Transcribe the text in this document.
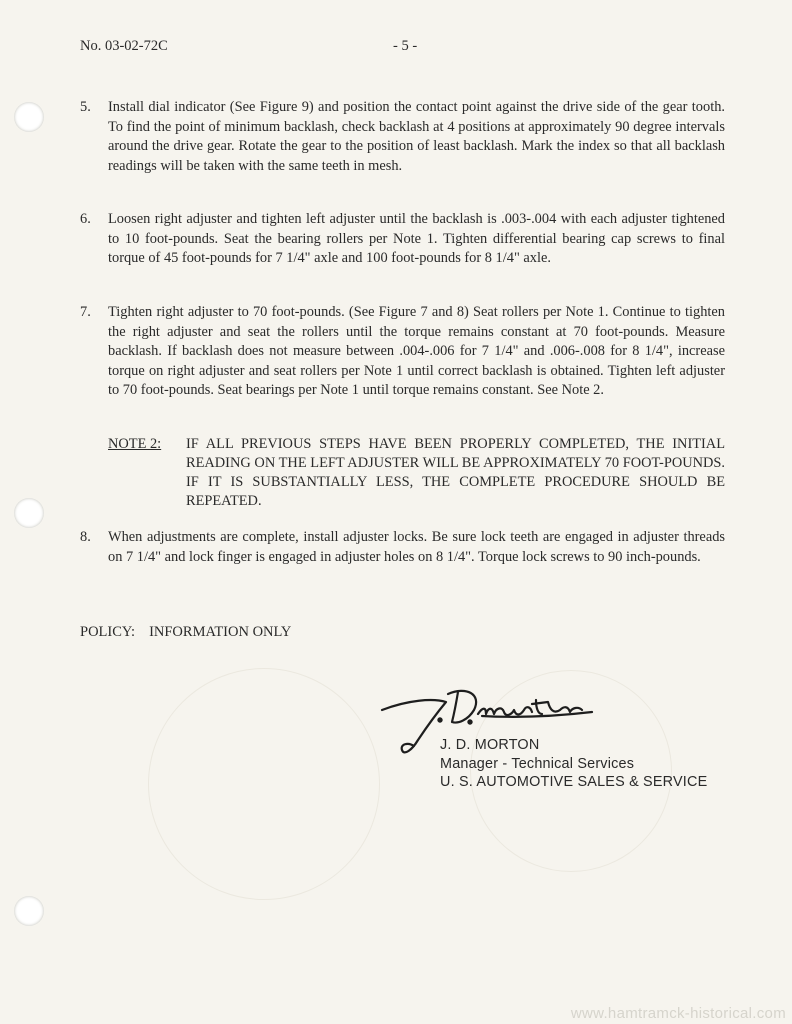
No. 03-02-72C	- 5 -
5. Install dial indicator (See Figure 9) and position the contact point against the drive side of the gear tooth. To find the point of minimum backlash, check backlash at 4 positions at approximately 90 degree intervals around the drive gear. Rotate the gear to the position of least backlash. Mark the index so that all backlash readings will be taken with the same teeth in mesh.
6. Loosen right adjuster and tighten left adjuster until the backlash is .003-.004 with each adjuster tightened to 10 foot-pounds. Seat the bearing rollers per Note 1. Tighten differential bearing cap screws to final torque of 45 foot-pounds for 7 1/4" axle and 100 foot-pounds for 8 1/4" axle.
7. Tighten right adjuster to 70 foot-pounds. (See Figure 7 and 8) Seat rollers per Note 1. Continue to tighten the right adjuster and seat the rollers until the torque remains constant at 70 foot-pounds. Measure backlash. If backlash does not measure between .004-.006 for 7 1/4" and .006-.008 for 8 1/4", increase torque on right adjuster and seat rollers per Note 1 until correct backlash is obtained. Tighten left adjuster to 70 foot-pounds. Seat bearings per Note 1 until torque remains constant. See Note 2.
NOTE 2: IF ALL PREVIOUS STEPS HAVE BEEN PROPERLY COMPLETED, THE INITIAL READING ON THE LEFT ADJUSTER WILL BE APPROXIMATELY 70 FOOT-POUNDS. IF IT IS SUBSTANTIALLY LESS, THE COMPLETE PROCEDURE SHOULD BE REPEATED.
8. When adjustments are complete, install adjuster locks. Be sure lock teeth are engaged in adjuster threads on 7 1/4" and lock finger is engaged in adjuster holes on 8 1/4". Torque lock screws to 90 inch-pounds.
POLICY: INFORMATION ONLY
J. D. MORTON
Manager - Technical Services
U. S. AUTOMOTIVE SALES & SERVICE
www.hamtramck-historical.com
